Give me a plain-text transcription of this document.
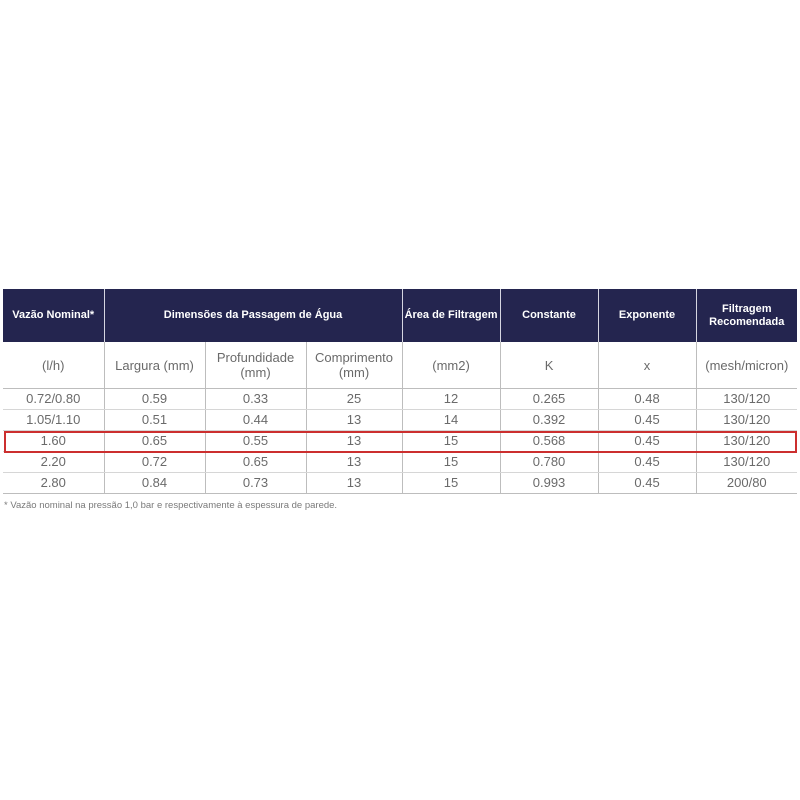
Vazão Nominal*	Dimensões da Passagem de Água			Área de Filtragem	Constante	Exponente	Filtragem Recomendada
(l/h)	Largura (mm)	Profundidade (mm)	Comprimento (mm)	(mm2)	K	x	(mesh/micron)
0.72/0.80	0.59	0.33	25	12	0.265	0.48	130/120
1.05/1.10	0.51	0.44	13	14	0.392	0.45	130/120
1.60	0.65	0.55	13	15	0.568	0.45	130/120
2.20	0.72	0.65	13	15	0.780	0.45	130/120
2.80	0.84	0.73	13	15	0.993	0.45	200/80
* Vazão nominal na pressão 1,0 bar e respectivamente à espessura de parede.
